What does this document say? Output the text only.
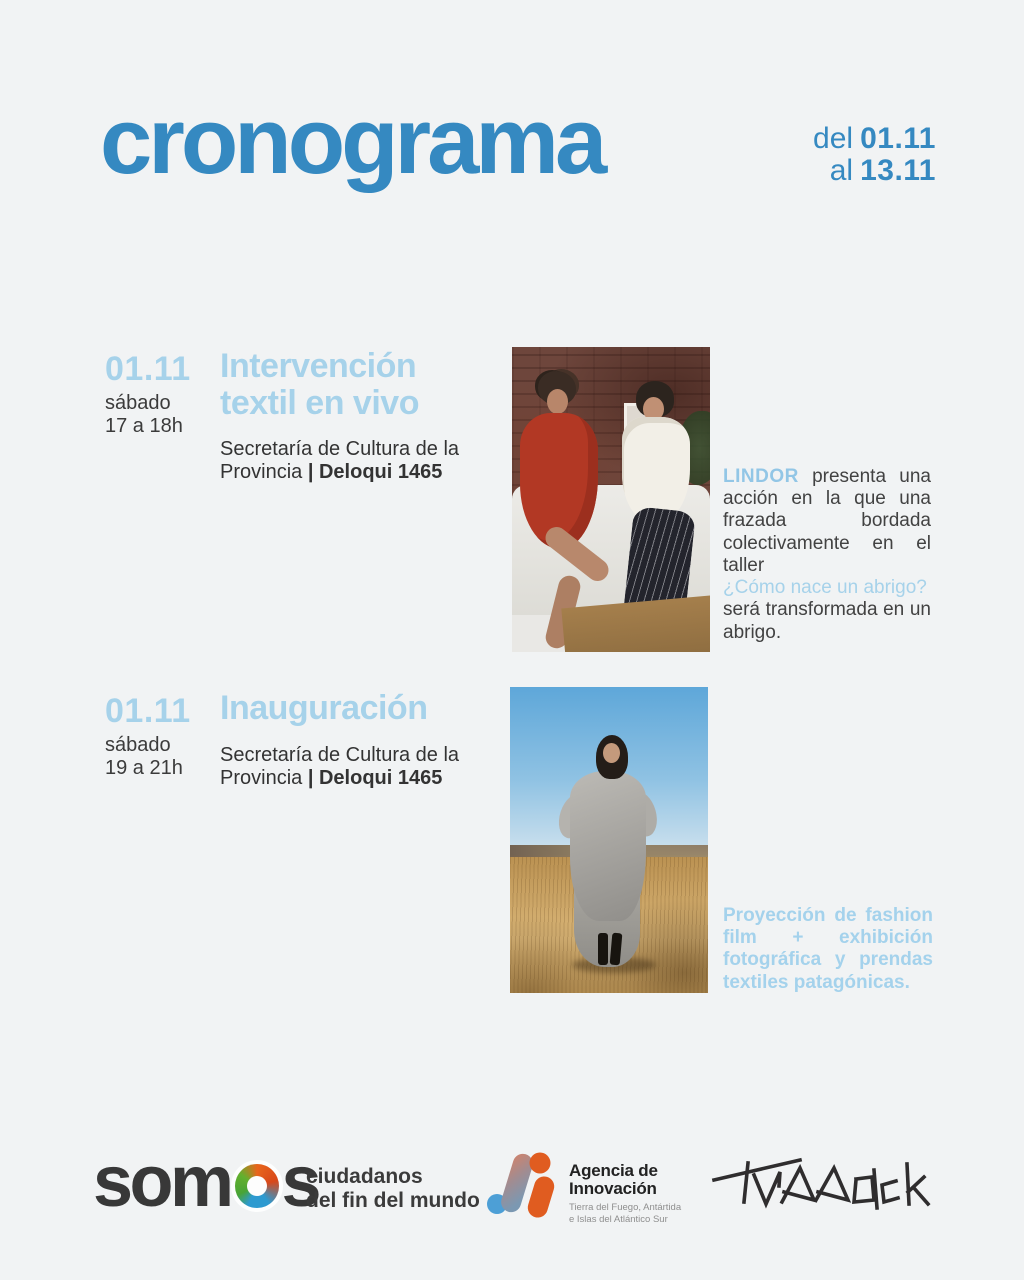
cronograma	del 01.11
al 13.11
01.11
sábado
17 a 18h
Intervención textil en vivo

Secretaría de Cultura de la Provincia | Deloqui 1465	LINDOR presenta una acción en la que una frazada bordada colectivamente en el taller

¿Cómo nace un abrigo?

será transformada en un abrigo.

01.11
sábado
19 a 21h
Inauguración

Secretaría de Cultura de la Provincia | Deloqui 1465

Proyección de fashion film + exhibición fotográfica y prendas textiles patagónicas.

som s
ciudadanos
del fin del mundo
Agencia de
Innovación
Tierra del Fuego, Antártida
e Islas del Atlántico Sur
